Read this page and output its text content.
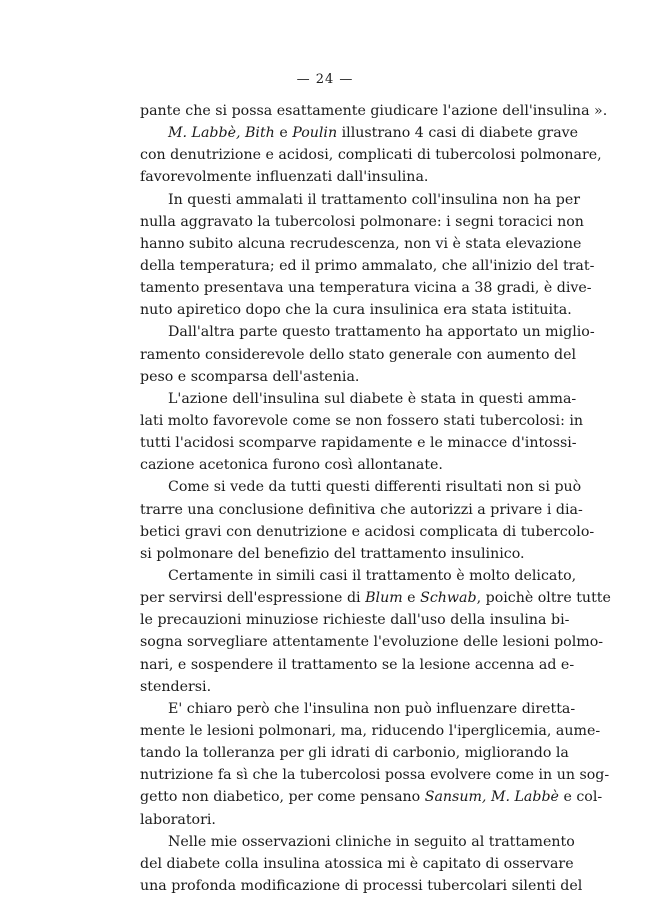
— 24 —
pante che si possa esattamente giudicare l'azione dell'insulina ».
M. Labbè, Bith e Poulin illustrano 4 casi di diabete grave
con denutrizione e acidosi, complicati di tubercolosi polmonare,
favorevolmente influenzati dall'insulina.
In questi ammalati il trattamento coll'insulina non ha per
nulla aggravato la tubercolosi polmonare: i segni toracici non
hanno subito alcuna recrudescenza, non vi è stata elevazione
della temperatura; ed il primo ammalato, che all'inizio del trat-
tamento presentava una temperatura vicina a 38 gradi, è dive-
nuto apiretico dopo che la cura insulinica era stata istituita.
Dall'altra parte questo trattamento ha apportato un miglio-
ramento considerevole dello stato generale con aumento del
peso e scomparsa dell'astenia.
L'azione dell'insulina sul diabete è stata in questi amma-
lati molto favorevole come se non fossero stati tubercolosi: in
tutti l'acidosi scomparve rapidamente e le minacce d'intossi-
cazione acetonica furono così allontanate.
Come si vede da tutti questi differenti risultati non si può
trarre una conclusione definitiva che autorizzi a privare i dia-
betici gravi con denutrizione e acidosi complicata di tubercolo-
si polmonare del benefizio del trattamento insulinico.
Certamente in simili casi il trattamento è molto delicato,
per servirsi dell'espressione di Blum e Schwab, poichè oltre tutte
le precauzioni minuziose richieste dall'uso della insulina bi-
sogna sorvegliare attentamente l'evoluzione delle lesioni polmo-
nari, e sospendere il trattamento se la lesione accenna ad e-
stendersi.
E' chiaro però che l'insulina non può influenzare diretta-
mente le lesioni polmonari, ma, riducendo l'iperglicemia, aume-
tando la tolleranza per gli idrati di carbonio, migliorando la
nutrizione fa sì che la tubercolosi possa evolvere come in un sog-
getto non diabetico, per come pensano Sansum, M. Labbè e col-
laboratori.
Nelle mie osservazioni cliniche in seguito al trattamento
del diabete colla insulina atossica mi è capitato di osservare
una profonda modificazione di processi tubercolari silenti del
